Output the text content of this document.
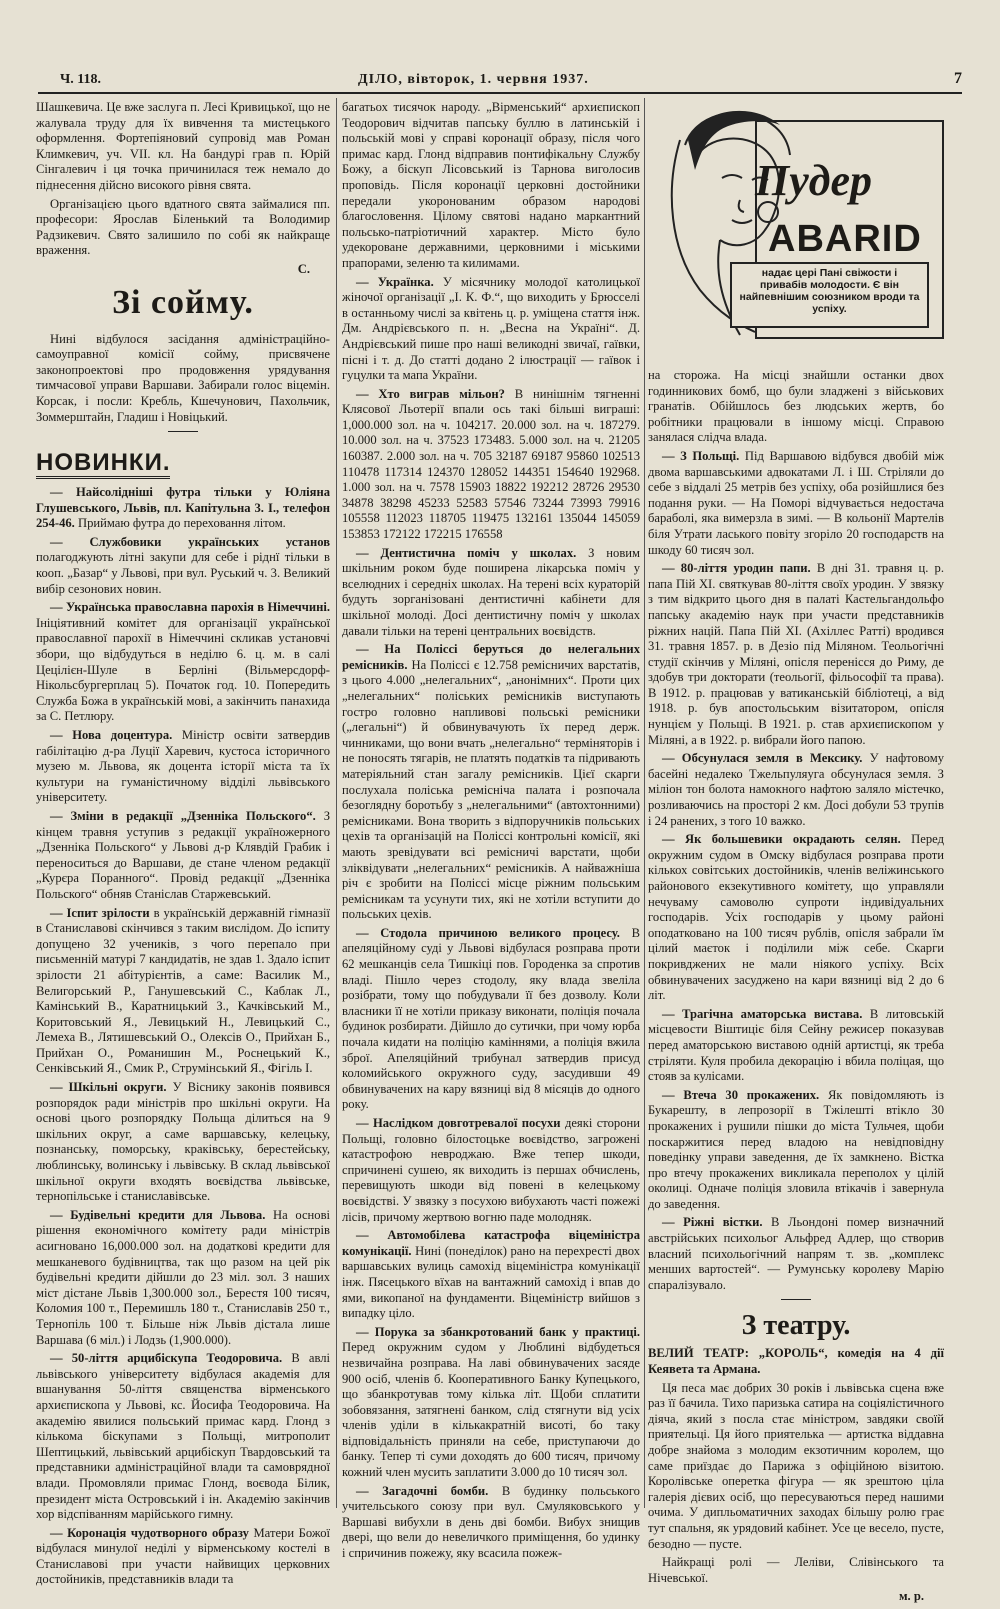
Ч. 118.	ДІЛО, вівторок, 1. червня 1937.	7

Шашкевича. Це вже заслуга п. Лесі Кривицької, що не жалувала труду для їх вивчення та мистецького оформлення. Фортепіяновий супровід мав Роман Климкевич, уч. VII. кл. На бандурі грав п. Юрій Сінгалевич і ця точка причинилася теж немало до піднесення дійсно високого рівня свята.

Організацією цього вдатного свята займалися пп. професори: Ярослав Біленький та Володимир Радзикевич. Свято залишило по собі як найкраще враження.

С.
Зі сойму.

Нині відбулося засідання адміністраційно-самоуправної комісії сойму, присвячене законопроектові про продовження урядування тимчасової управи Варшави. Забирали голос віцемін. Корсак, і посли: Кребль, Кшечунович, Пахольчик, Зоммерштайн, Гладиш і Новіцький.

НОВИНКИ.

— Найсолідніші футра тільки у Юліяна Глушевського, Львів, пл. Капітульна 3. І., телефон 254-46. Приймаю футра до переховання літом.

— Службовики українських установ полагоджують літні закупи для себе і ріднї тільки в кооп. „Базар“ у Львові, при вул. Руський ч. 3. Великий вибір сезонових новин.

— Українська православна парохія в Німеччині. Ініціятивний комітет для організації української православної парохії в Німеччині скликав установчі збори, що відбудуться в неділю 6. ц. м. в салі Цецілієн-Шуле в Берліні (Вільмерсдорф-Нікольсбургерплац 5). Початок год. 10. Попередить Служба Божа в українській мові, а закінчить панахида за С. Петлюру.

— Нова доцентура. Міністр освіти затвердив габілітацію д-ра Луції Харевич, кустоса історичного музею м. Львова, як доцента історії міста та їх культури на гуманістичному відділі львівського університету.

— Зміни в редакції „Дзенніка Польского“. З кінцем травня уступив з редакції україножерного „Дзенніка Польского“ у Львові д-р Клявдій Грабик і переноситься до Варшави, де стане членом редакції „Курєра Поранного“. Провід редакції „Дзенніка Польского“ обняв Станіслав Старжевський.

— Іспит зрілости в українській державній гімназії в Станиславові скінчився з таким вислідом. До іспиту допущено 32 учеників, з чого перепало при письменній матурі 7 кандидатів, не здав 1. Здало іспит зрілости 21 абітурієнтів, а саме: Василик М., Велигорський Р., Ганушевський С., Каблак Л., Камінський В., Каратницький З., Качківський М., Коритовський Я., Левицький Н., Левицький С., Лемеха В., Лятишевський О., Олексів О., Прийхан Б., Прийхан О., Романишин М., Роснецький К., Сенківський Я., Смик Р., Струмінський Я., Фігіль І.

— Шкільні округи. У Віснику законів появився розпорядок ради міністрів про шкільні округи. На основі цього розпорядку Польща ділиться на 9 шкільних округ, а саме варшавську, келецьку, познанську, поморську, краківську, берестейську, люблинську, волинську і львівську. В склад львівської шкільної округи входять воєвідства львівське, тернопільське і станиславівське.

— Будівельні кредити для Львова. На основі рішення економічного комітету ради міністрів асигновано 16,000.000 зол. на додаткові кредити для мешканевого будівництва, так що разом на цей рік будівельні кредити дійшли до 23 міл. зол. З наших міст дістане Львів 1,300.000 зол., Берестя 100 тисяч, Коломия 100 т., Перемишль 180 т., Станиславів 250 т., Тернопіль 100 т. Більше ніж Львів дістала лише Варшава (6 міл.) і Лодзь (1,900.000).

— 50-ліття арцибіскупа Теодоровича. В авлі львівського університету відбулася академія для вшанування 50-ліття священства вірменського архиєпископа у Львові, кс. Йосифа Теодоровича. На академію явилися польський примас кард. Глонд з кількома біскупами з Польщі, митрополит Шептицький, львівський арцибіскуп Твардовський та представники адміністраційної влади та самоврядної влади. Промовляли примас Глонд, воєвода Білик, президент міста Островський і ін. Академію закінчив хор відспіванням марійського гимну.

— Коронація чудотворного образу Матери Божої відбулася минулої неділі у вірменському костелі в Станиславові при участи найвищих церковних достойників, представників влади та

багатьох тисячок народу. „Вірменський“ архиєпископ Теодорович відчитав папську буллю в латинській і польській мові у справі коронації образу, після чого примас кард. Глонд відправив понтифікальну Службу Божу, а біскуп Лісовський із Тарнова виголосив проповідь. Після коронації церковні достойники передали укоронованим образом народові благословення. Цілому святові надано маркантний польсько-патріотичний характер. Місто було удекороване державними, церковними і міськими прапорами, зеленю та килимами.

— Українка. У місячнику молодої католицької жіночої організації „І. К. Ф.“, що виходить у Брюсселі в останньому числі за квітень ц. р. уміщена стаття інж. Дм. Андрієвського п. н. „Весна на Україні“. Д. Андрієвський пише про наші великодні звичаї, гаївки, пісні і т. д. До статті додано 2 ілюстрації — гаївок і гуцулки та мапа України.

— Хто виграв мільон? В нинішнім тягненні Клясової Льотерії впали ось такі більші виграші: 1,000.000 зол. на ч. 104217. 20.000 зол. на ч. 187279. 10.000 зол. на ч. 37523 173483. 5.000 зол. на ч. 21205 160387. 2.000 зол. на ч. 705 32187 69187 95860 102513 110478 117314 124370 128052 144351 154640 192968. 1.000 зол. на ч. 7578 15903 18822 192212 28726 29530 34878 38298 45233 52583 57546 73244 73993 79916 105558 112023 118705 119475 132161 135044 145059 153853 172122 172215 176558

— Дентистична поміч у школах. З новим шкільним роком буде поширена лікарська поміч у вселюдних і середніх школах. На терені всіх кураторій будуть зорганізовані дентистичні кабінети для шкільної молоді. Досі дентистичну поміч у школах давали тільки на терені центральних воєвідств.

— На Поліссі беруться до нелегальних ремісників. На Поліссі є 12.758 ремісничих варстатів, з цього 4.000 „нелегальних“, „анонімних“. Проти цих „нелегальних“ поліських ремісників виступають гостро головно напливові польські ремісники („легальні“) й обвинувачують їх перед держ. чинниками, що вони вчать „нелегально“ терміняторів і не поносять тягарів, не платять податків та підривають матеріяльний стан загалу ремісників. Цієї скарги послухала поліська ремісніча палата і розпочала безоглядну боротьбу з „нелегальними“ (автохтонними) ремісниками. Вона творить з відпоручників польських цехів та організацій на Поліссі контрольні комісії, які мають зревідувати всі ремісничі варстати, щоби зліквідувати „нелегальних“ ремісників. А найважніша річ є зробити на Поліссі місце ріжним польським ремісникам та усунути тих, які не хотіли вступити до польських цехів.

— Стодола причиною великого процесу. В апеляційному суді у Львові відбулася розправа проти 62 мешканців села Тишкіці пов. Городенка за спротив владі. Пішло через стодолу, яку влада звеліла розібрати, тому що побудували її без дозволу. Коли власники її не хотіли приказу виконати, поліція почала будинок розбирати. Дійшло до сутички, при чому юрба почала кидати на поліцію каміннями, а поліція вжила зброї. Апеляційний трибунал затвердив присуд коломийського окружного суду, засудивши 49 обвинувачених на кару вязниці від 8 місяців до одного року.

— Наслідком довготревалої посухи деякі сторони Польщі, головно білостоцьке воєвідство, загрожені катастрофою невроджаю. Вже тепер шкоди, спричинені сушею, як виходить із першах обчислень, перевищують шкоди від повені в келецькому воєвідстві. У звязку з посухою вибухають часті пожежі лісів, причому жертвою вогню паде молодняк.

— Автомобілева катастрофа віцеміністра комунікації. Нині (понеділок) рано на перехресті двох варшавських вулиць самохід віцеміністра комунікації інж. Пясецького вїхав на вантажний самохід і впав до ями, викопаної на фундаменти. Віцеміністр вийшов з випадку ціло.

— Порука за збанкротований банк у практиці. Перед окружним судом у Люблині відбудеться незвичайна розправа. На лаві обвинувачених засяде 900 осіб, членів б. Кооперативного Банку Купецького, що збанкротував тому кілька літ. Щоби сплатити зобовязання, затягнені банком, слід стягнути від усіх членів уділи в кількакратній висоті, бо таку відповідальність приняли на себе, приступаючи до банку. Тепер ті суми доходять до 600 тисяч, причому кожний член мусить заплатити 3.000 до 10 тисяч зол.

— Загадочні бомби. В будинку польського учительського союзу при вул. Смуляковського у Варшаві вибухли в день дві бомби. Вибух знищив двері, що вели до невеличкого приміщення, бо удинку і спричинив пожежу, яку всасила пожеж-

Пудер
ABARID
надає цері Пані свіжости і привабів молодости. Є він найпевнішим союзником вроди та успіху.

на сторожа. На місці знайшли останки двох годинникових бомб, що були зладжені з військових гранатів. Обійшлось без людських жертв, бо робітники працювали в іншому місці. Справою занялася слідча влада.

— З Польщі. Під Варшавою відбувся двобій між двома варшавськими адвокатами Л. і Ш. Стріляли до себе з віддалі 25 метрів без успіху, оба розійшлися без подання руки. — На Поморі відчувається недостача бараболі, яка вимерзла в зимі. — В кольонії Мартелів біля Утрати ласького повіту згоріло 20 господарств на шкоду 60 тисяч зол.

— 80-ліття уродин папи. В дні 31. травня ц. р. папа Пій XI. святкував 80-ліття своїх уродин. У звязку з тим відкрито цього дня в палаті Кастельгандольфо папську академію наук при участи представників ріжних націй. Папа Пій XI. (Ахіллес Ратті) вродився 31. травня 1857. р. в Дезіо під Міляном. Теольогічні студії скінчив у Міляні, опісля перенісся до Риму, де здобув три докторати (теольогії, фільософії та права). В 1912. р. працював у ватиканській бібліотеці, а від 1918. р. був апостольським візитатором, опісля нунцієм у Польщі. В 1921. р. став архиєпископом у Міляні, а в 1922. р. вибрали його папою.

— Обсунулася земля в Мексику. У нафтовому басейні недалеко Тжельпуляуга обсунулася земля. З міліон тон болота намокного нафтою заляло містечко, розливаючись на просторі 2 км. Досі добули 53 трупів і 24 ранених, з того 10 важко.

— Як большевики окрадають селян. Перед окружним судом в Омску відбулася розправа проти кількох совітських достойників, членів веліжинського районового екзекутивного комітету, що управляли нечуваму самоволю супроти індивідуальних господарів. Усіх господарів у цьому районі оподатковано на 100 тисяч рублів, опісля забрали їм цілий маєток і поділили між себе. Скарги покривджених не мали ніякого успіху. Всіх обвинувачених засуджено на кари вязниці від 2 до 6 літ.

— Трагічна аматорська вистава. В литовській місцевости Віштиціє біля Сейну режисер показував перед аматорською виставою одній артистці, як треба стріляти. Куля пробила декорацію і вбила поліцая, що стояв за кулісами.

— Втеча 30 прокажених. Як повідомляють із Букарешту, в лепрозорії в Тжілешті втікло 30 прокажених і рушили пішки до міста Тульчея, щоби поскаржитися перед владою на невідповідну поведінку управи заведення, де їх замкнено. Вістка про втечу прокажених викликала переполох у цілій околиці. Одначе поліція зловила втікачів і завернула до заведення.

— Ріжні вістки. В Льондоні помер визначний австрійських психольог Альфред Адлер, що створив власний психольогічний напрям т. зв. „комплекс менших вартостей“. — Румунську королеву Марію спаралізувало.

З театру.

ВЕЛИЙ ТЕАТР: „КОРОЛЬ“, комедія на 4 дії Кеявета та Армана.

Ця песа має добрих 30 років і львівська сцена вже раз її бачила. Тихо паризька сатира на соціялістичного діяча, який з посла стає міністром, завдяки своїй приятельці. Ця його приятелька — артистка віддавна добре знайома з молодим екзотичним королем, що саме приїздає до Парижа з офіційною візитою. Королівське оперетка фігура — як зрештою ціла галерія дієвих осіб, що пересуваються перед нашими очима. У дипльоматичних заходах більшу ролю грає тут спальня, як урядовий кабінет. Усе це весело, пусте, безодно — пусте.

Найкращі ролі — Леліви, Слівінського та Нічевської.

м. р.
